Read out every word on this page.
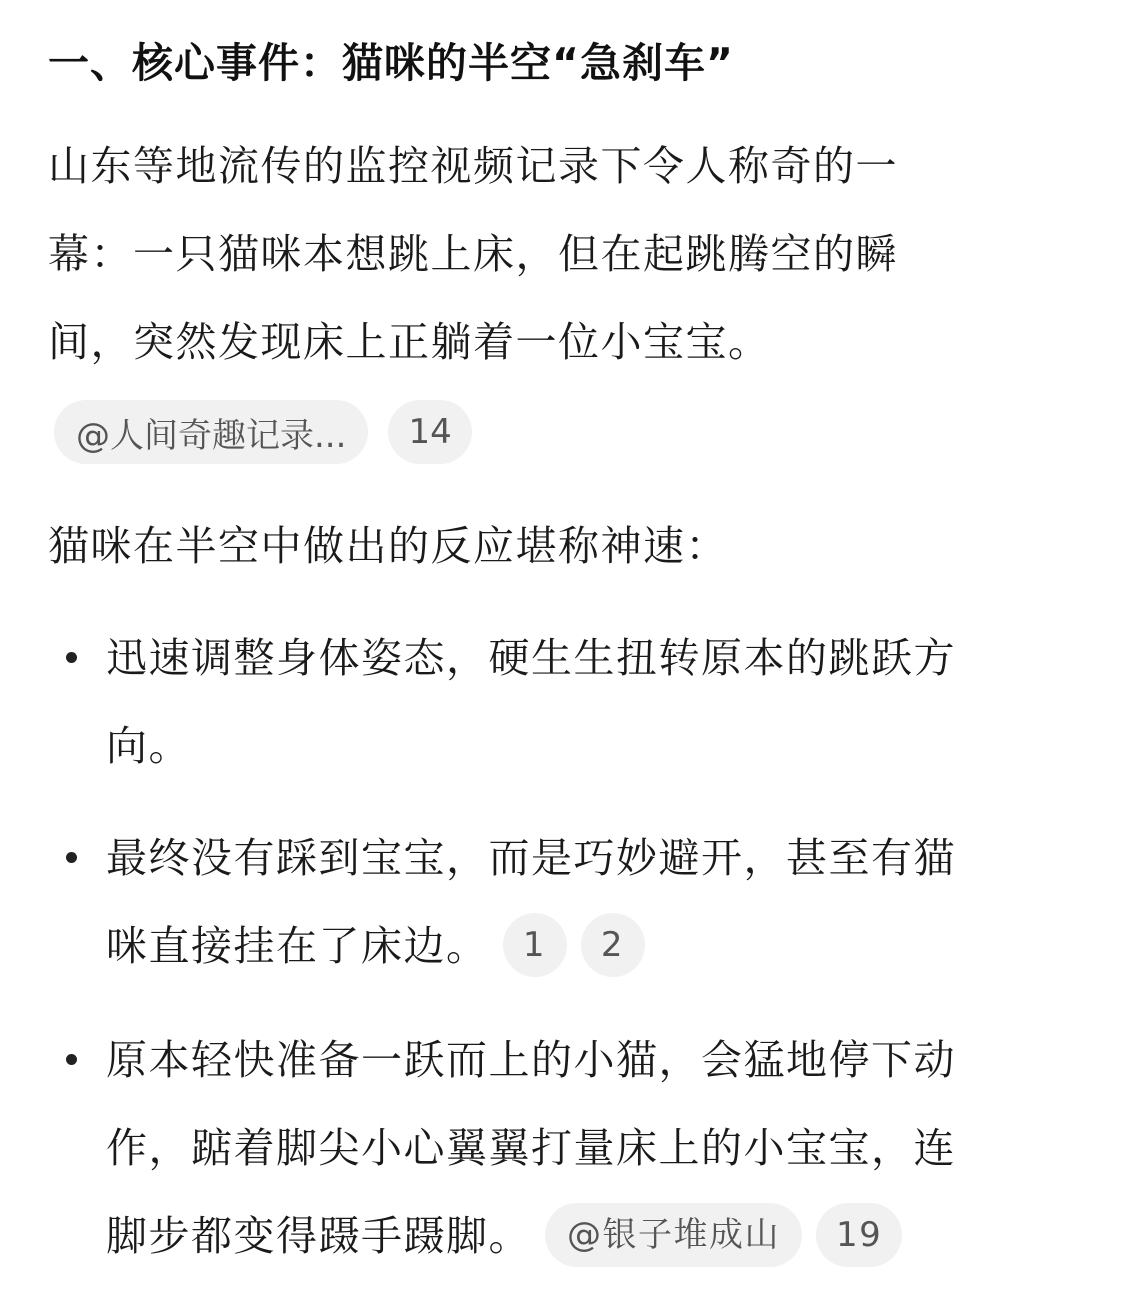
一、核心事件：猫咪的半空“急刹车”
山东等地流传的监控视频记录下令人称奇的一
幕：一只猫咪本想跳上床，但在起跳腾空的瞬
间，突然发现床上正躺着一位小宝宝。
@人间奇趣记录...	14
猫咪在半空中做出的反应堪称神速：
迅速调整身体姿态，硬生生扭转原本的跳跃方
向。
最终没有踩到宝宝，而是巧妙避开，甚至有猫
咪直接挂在了床边。 1 2
原本轻快准备一跃而上的小猫，会猛地停下动
作，踮着脚尖小心翼翼打量床上的小宝宝，连
脚步都变得蹑手蹑脚。 @银子堆成山 19
